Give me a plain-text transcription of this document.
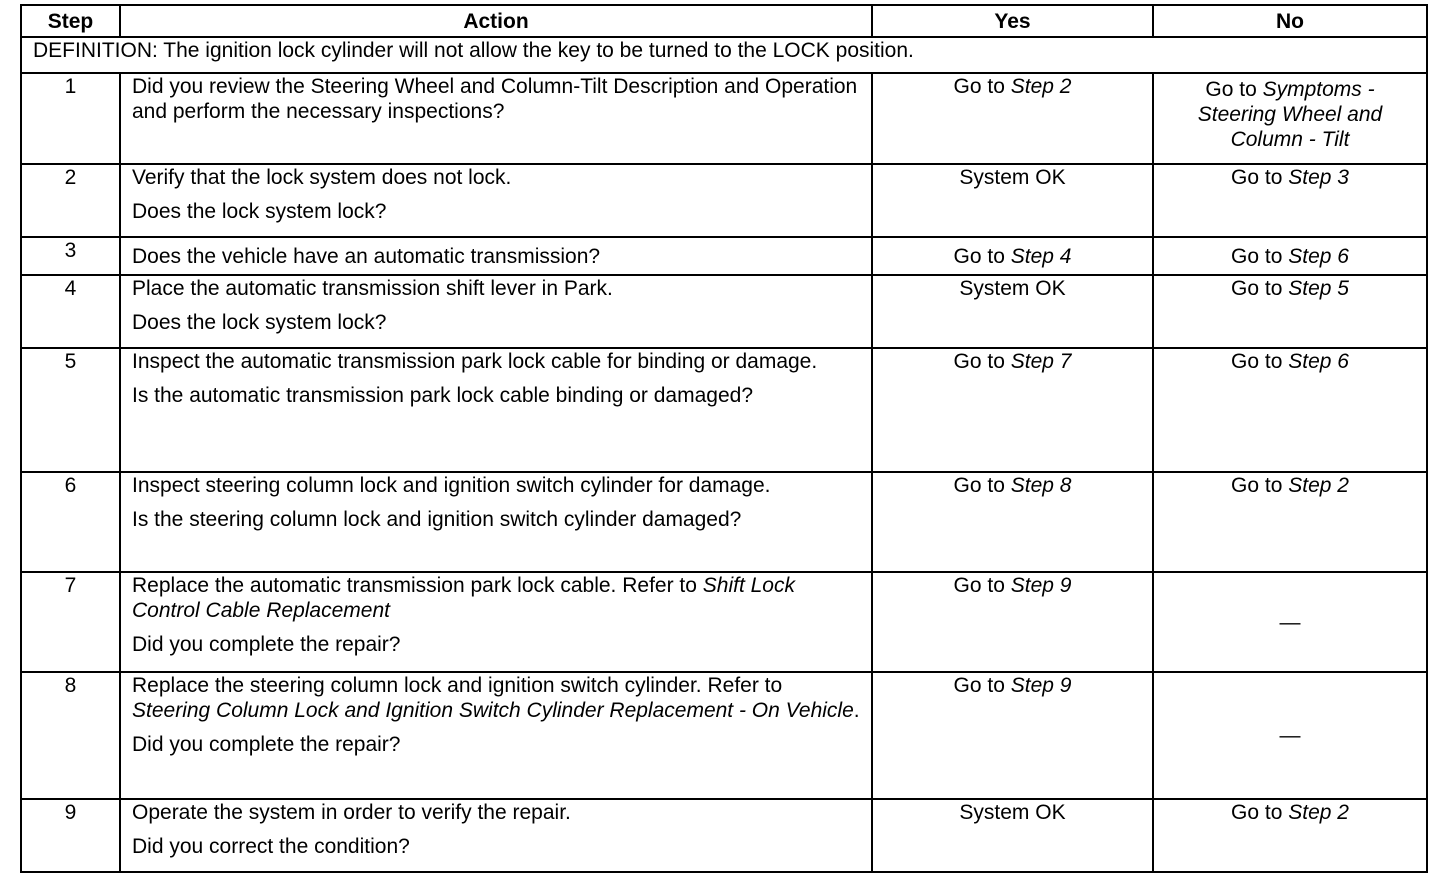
Step	Action	Yes	No
DEFINITION: The ignition lock cylinder will not allow the key to be turned to the LOCK position.			
1	Did you review the Steering Wheel and Column-Tilt Description and Operation and perform the necessary inspections?	Go to Step 2	Go to Symptoms - Steering Wheel and Column - Tilt
2	Verify that the lock system does not lock.
Does the lock system lock?	System OK	Go to Step 3
3	Does the vehicle have an automatic transmission?	Go to Step 4	Go to Step 6
4	Place the automatic transmission shift lever in Park.
Does the lock system lock?	System OK	Go to Step 5
5	Inspect the automatic transmission park lock cable for binding or damage.
Is the automatic transmission park lock cable binding or damaged?	Go to Step 7	Go to Step 6
6	Inspect steering column lock and ignition switch cylinder for damage.
Is the steering column lock and ignition switch cylinder damaged?	Go to Step 8	Go to Step 2
7	Replace the automatic transmission park lock cable. Refer to Shift Lock Control Cable Replacement
Did you complete the repair?	Go to Step 9	—
8	Replace the steering column lock and ignition switch cylinder. Refer to Steering Column Lock and Ignition Switch Cylinder Replacement - On Vehicle.
Did you complete the repair?	Go to Step 9	—
9	Operate the system in order to verify the repair.
Did you correct the condition?	System OK	Go to Step 2
